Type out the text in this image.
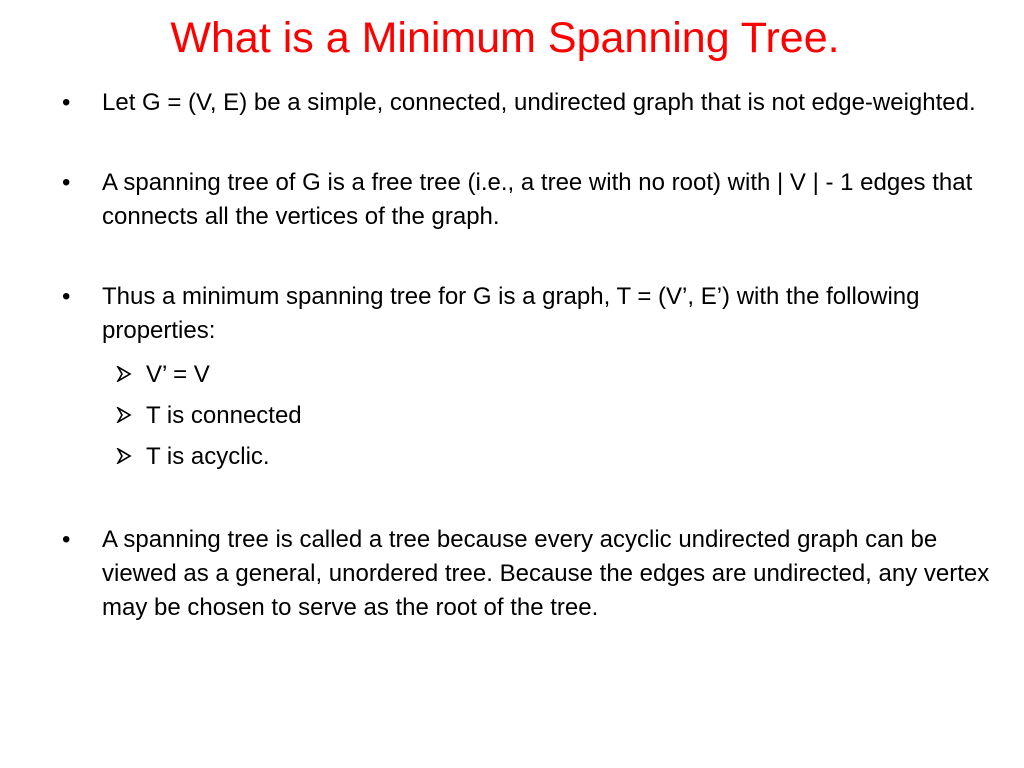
What is a Minimum Spanning Tree.
•	Let G = (V, E) be a simple, connected, undirected graph that is not edge-weighted.
•	A spanning tree of G is a free tree (i.e., a tree with no root) with | V | - 1 edges that connects all the vertices of the graph.
•	Thus a minimum spanning tree for G is a graph, T = (V’, E’) with the following properties:
V’ = V
T is connected
T is acyclic.
•	A spanning tree is called a tree because every acyclic undirected graph can be viewed as a general, unordered tree. Because the edges are undirected, any vertex may be chosen to serve as the root of the tree.
